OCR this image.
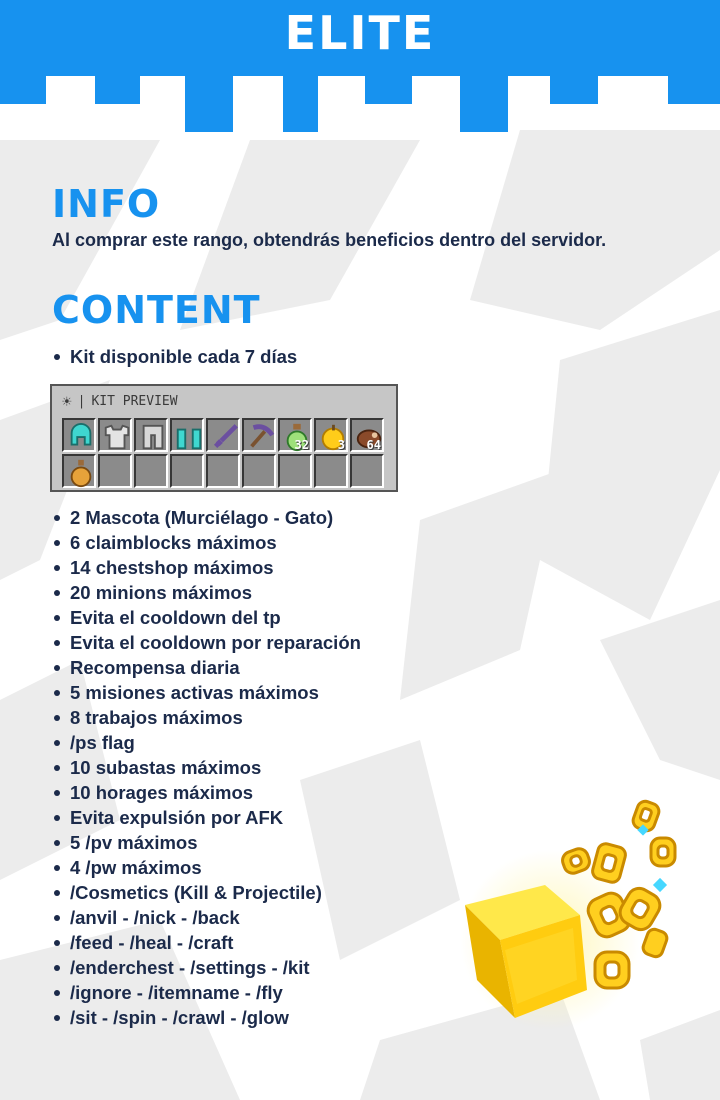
ELITE
INFO
Al comprar este rango, obtendrás beneficios dentro del servidor.
CONTENT
Kit disponible cada 7 días
☀ | KIT PREVIEW
32 3 64
2 Mascota (Murciélago - Gato)
6 claimblocks máximos
14 chestshop máximos
20 minions máximos
Evita el cooldown del tp
Evita el cooldown por reparación
Recompensa diaria
5 misiones activas máximos
8 trabajos máximos
/ps flag
10 subastas máximos
10 horages máximos
Evita expulsión por AFK
5 /pv máximos
4 /pw máximos
/Cosmetics (Kill & Projectile)
/anvil - /nick - /back
/feed - /heal - /craft
/enderchest - /settings - /kit
/ignore - /itemname - /fly
/sit - /spin - /crawl - /glow
